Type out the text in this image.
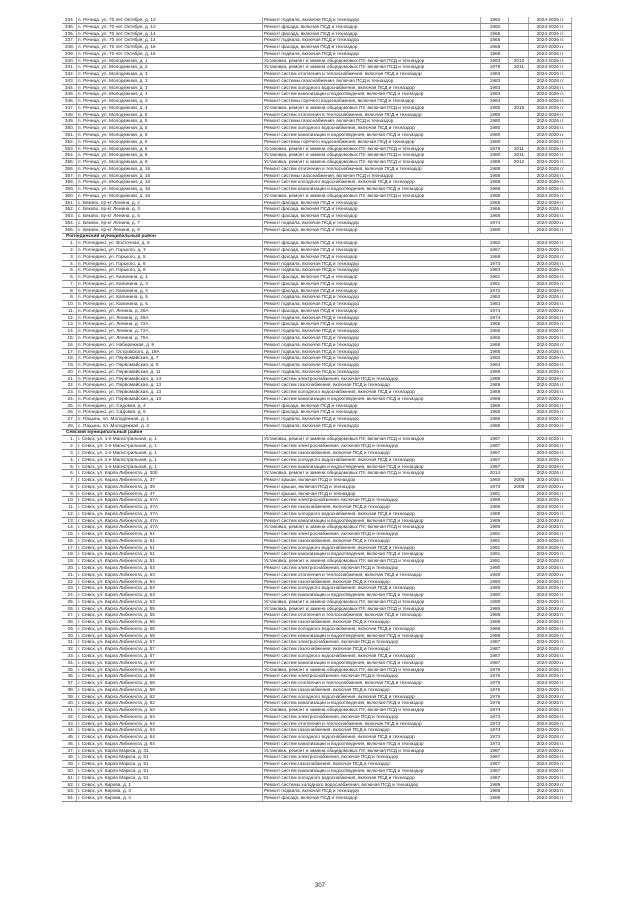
334. п. Речица, ул. 70 лет Октября, д. 12	Ремонт подвала, включая ПСД и техназдор	1960	2024-2026 гг.
335. п. Речица, ул. 70 лет Октября, д. 12	Ремонт фасада, включая ПСД и техназдор	1960	2024-2026 гг.
336. п. Речица, ул. 70 лет Октября, д. 14	Ремонт фасада, включая ПСД и техназдор	1965	2024-2026 гг.
337. п. Речица, ул. 70 лет Октября, д. 14	Ремонт подвала, включая ПСД и техназдор	1965	2024-2026 гг.
338. п. Речица, ул. 70 лет Октября, д. 16	Ремонт фасада, включая ПСД и техназдор	1968	2024-2026 гг.
339. п. Речица, ул. 70 лет Октября, д. 16	Ремонт подвала, включая ПСД и техназдор	1968	2024-2026 гг.
340. п. Речица, ул. Молодежная, д. 1	Установка, ремонт и замена общедомовых ПУ, включая ПСД и техназдор	1983	2012	2024-2026 гг.
341. п. Речица, ул. Молодежная, д. 2	Установка, ремонт и замена общедомовых ПУ, включая ПСД и техназдор	1979	2011	2024-2026 гг.
342. п. Речица, ул. Молодежная, д. 3	Ремонт систем отопления и теплоснабжения, включая ПСД и техназдор	1983	2024-2026 гг.
343. п. Речица, ул. Молодежная, д. 3	Ремонт системы газоснабжения, включая ПСД и техназдор	1983	2024-2026 гг.
344. п. Речица, ул. Молодежная, д. 3	Ремонт систем холодного водоснабжения, включая ПСД и техназдор	1983	2024-2026 гг.
345. п. Речица, ул. Молодежная, д. 3	Ремонт систем канализации и водоотведения, включая ПСД и техназдор	1983	2024-2026 гг.
346. п. Речица, ул. Молодежная, д. 3	Ремонт системы горячего водоснабжения, включая ПСД и техназдор	1983	2024-2026 гг.
347. п. Речица, ул. Молодежная, д. 4	Установка, ремонт и замена общедомовых ПУ, включая ПСД и техназдор	1980	2015	2024-2026 гг.
348. п. Речица, ул. Молодежная, д. 5	Ремонт систем отопления и теплоснабжения, включая ПСД и техназдор	1980	2024-2026 гг.
349. п. Речица, ул. Молодежная, д. 5	Ремонт системы газоснабжения, включая ПСД и техназдор	1980	2024-2026 гг.
350. п. Речица, ул. Молодежная, д. 5	Ремонт систем холодного водоснабжения, включая ПСД и техназдор	1980	2024-2026 гг.
351. п. Речица, ул. Молодежная, д. 5	Ремонт систем канализации и водоотведения, включая ПСД и техназдор	1980	2024-2026 гг.
352. п. Речица, ул. Молодежная, д. 5	Ремонт системы горячего водоснабжения, включая ПСД и техназдор	1980	2024-2026 гг.
353. п. Речица, ул. Молодежная, д. 6	Установка, ремонт и замена общедомовых ПУ, включая ПСД и техназдор	1979	2011	2024-2026 гг.
354. п. Речица, ул. Молодежная, д. 8	Установка, ремонт и замена общедомовых ПУ, включая ПСД и техназдор	1980	2011	2024-2026 гг.
355. п. Речица, ул. Молодежная, д. 9	Установка, ремонт и замена общедомовых ПУ, включая ПСД и техназдор	1989	2012	2024-2026 гг.
356. п. Речица, ул. Молодежная, д. 16	Ремонт систем отопления и теплоснабжения, включая ПСД и техназдор	1988	2024-2026 гг.
357. п. Речица, ул. Молодежная, д. 16	Ремонт системы газоснабжения, включая ПСД и техназдор	1988	2024-2026 гг.
358. п. Речица, ул. Молодежная, д. 16	Ремонт систем холодного водоснабжения, включая ПСД и техназдор	1988	2024-2026 гг.
359. п. Речица, ул. Молодежная, д. 16	Ремонт систем канализации и водоотведения, включая ПСД и техназдор	1988	2024-2026 гг.
360. п. Речица, ул. Молодежная, д. 16	Установка, ремонт и замена общедомовых ПУ, включая ПСД и техназдор	1988	2024-2026 гг.
361. с. Бяково, пр-кт Ленина, д. 2	Ремонт фасада, включая ПСД и техназдор	1965	2024-2026 гг.
362. с. Бяково, пр-кт Ленина, д. 3	Ремонт фасада, включая ПСД и техназдор	1966	2024-2026 гг.
363. с. Бяково, пр-кт Ленина, д. 5	Ремонт фасада, включая ПСД и техназдор	1968	2024-2026 гг.
364. с. Бяково, пр-кт Ленина, д. 7	Ремонт подвала, включая ПСД и техназдор	1974	2024-2026 гг.
365. с. Бяково, пр-кт Ленина, д. 9	Ремонт фасада, включая ПСД и техназдор	1980	2024-2026 гг.
Рогнединский муниципальный район
1. п. Рогнедино, ул. Восточная, д. 9	Ремонт фасада, включая ПСД и техназдор	1982	2024-2026 гг.
2. п. Рогнедино, ул. Горького, д. 3	Ремонт фасада, включая ПСД и техназдор	1967	2024-2026 гг.
3. п. Рогнедино, ул. Горького, д. 5	Ремонт фасада, включая ПСД и техназдор	1968	2024-2026 гг.
4. п. Рогнедино, ул. Горького, д. 6	Ремонт подвала, включая ПСД и техназдор	1973	2024-2026 гг.
5. п. Рогнедино, ул. Горького, д. 8	Ремонт подвала, включая ПСД и техназдор	1983	2024-2026 гг.
6. п. Рогнедино, ул. Калинина, д. 1	Ремонт фасада, включая ПСД и техназдор	1981	2024-2026 гг.
7. п. Рогнедино, ул. Калинина, д. 3	Ремонт фасада, включая ПСД и техназдор	1981	2024-2026 гг.
8. п. Рогнедино, ул. Калинина, д. 4	Ремонт фасада, включая ПСД и техназдор	1972	2024-2026 гг.
9. п. Рогнедино, ул. Калинина, д. 5	Ремонт подвала, включая ПСД и техназдор	1982	2024-2026 гг.
10. п. Рогнедино, ул. Калинина, д. 6	Ремонт подвала, включая ПСД и техназдор	1983	2024-2026 гг.
11. п. Рогнедино, ул. Ленина, д. 26А	Ремонт фасада, включая ПСД и техназдор	1974	2024-2026 гг.
12. п. Рогнедино, ул. Ленина, д. 26А	Ремонт подвала, включая ПСД и техназдор	1974	2024-2026 гг.
13. п. Рогнедино, ул. Ленина, д. 72А	Ремонт фасада, включая ПСД и техназдор	1965	2024-2026 гг.
14. п. Рогнедино, ул. Ленина, д. 72А	Ремонт подвала, включая ПСД и техназдор	1965	2024-2026 гг.
15. п. Рогнедино, ул. Ленина, д. 76А	Ремонт подвала, включая ПСД и техназдор	1966	2024-2026 гг.
16. п. Рогнедино, ул. Набережная, д. 9	Ремонт подвала, включая ПСД и техназдор	1969	2024-2026 гг.
17. п. Рогнедино, ул. Островского, д. 19А	Ремонт подвала, включая ПСД и техназдор	1985	2024-2026 гг.
18. п. Рогнедино, ул. Первомайская, д. 7	Ремонт подвала, включая ПСД и техназдор	1982	2024-2026 гг.
19. п. Рогнедино, ул. Первомайская, д. 9	Ремонт подвала, включая ПСД и техназдор	1983	2024-2026 гг.
20. п. Рогнедино, ул. Первомайская, д. 11	Ремонт подвала, включая ПСД и техназдор	1989	2024-2026 гг.
21. п. Рогнедино, ул. Первомайская, д. 13	Ремонт систем электроснабжения, включая ПСД и техназдор	1989	2024-2026 гг.
22. п. Рогнедино, ул. Первомайская, д. 13	Ремонт систем газоснабжения, включая ПСД и техназдор	1989	2024-2026 гг.
23. п. Рогнедино, ул. Первомайская, д. 13	Ремонт систем холодного водоснабжения, включая ПСД и техназдор	1989	2024-2026 гг.
24. п. Рогнедино, ул. Первомайская, д. 13	Ремонт систем канализации и водоотведения, включая ПСД и техназдор	1989	2024-2026 гг.
25. п. Рогнедино, ул. Садовая, д. 4	Ремонт фасада, включая ПСД и техназдор	1969	2024-2026 гг.
26. п. Рогнедино, ул. Садовая, д. 6	Ремонт фасада, включая ПСД и техназдор	1968	2024-2026 гг.
27. с. Пацынь, пл. Молодежная, д. 1	Ремонт подвала, включая ПСД и техназдор	1986	2024-2026 гг.
28. с. Пацынь, пл. Молодежная, д. 2	Ремонт подвала, включая ПСД и техназдор	1986	2024-2026 гг.
Севский муниципальный район
1. г. Севск, ул. 1-я Магистральная, д. 1	Установка, ремонт и замена общедомовых ПУ, включая ПСД и техназдор	1997	2024-2026 гг.
2. г. Севск, ул. 1-я Магистральная, д. 1	Ремонт систем электроснабжения, включая ПСД и техназдор	1997	2024-2026 гг.
3. г. Севск, ул. 1-я Магистральная, д. 1	Ремонт систем газоснабжения, включая ПСД и техназдор	1997	2024-2026 гг.
4. г. Севск, ул. 1-я Магистральная, д. 1	Ремонт систем холодного водоснабжения, включая ПСД и техназдор	1997	2024-2026 гг.
5. г. Севск, ул. 1-я Магистральная, д. 1	Ремонт систем канализации и водоотведения, включая ПСД и техназдор	1997	2024-2026 гг.
6. г. Севск, ул. Карла Либкнехта, д. 30б	Установка, ремонт и замена общедомовых ПУ, включая ПСД и техназдор	2014	2024-2026 гг.
7. г. Севск, ул. Карла Либкнехта, д. 37	Ремонт крыши, включая ПСД и техназдор	1960	2008	2024-2026 гг.
8. г. Севск, ул. Карла Либкнехта, д. 39	Ремонт крыши, включая ПСД и техназдор	1973	2008	2024-2026 гг.
9. г. Севск, ул. Карла Либкнехта, д. 47	Ремонт крыши, включая ПСД и техназдор	1981	2024-2026 гг.
10. г. Севск, ул. Карла Либкнехта, д. 47А	Ремонт систем электроснабжения, включая ПСД и техназдор	1989	2024-2026 гг.
11. г. Севск, ул. Карла Либкнехта, д. 47А	Ремонт систем газоснабжения, включая ПСД и техназдор	1989	2024-2026 гг.
12. г. Севск, ул. Карла Либкнехта, д. 47А	Ремонт систем холодного водоснабжения, включая ПСД и техназдор	1989	2024-2026 гг.
13. г. Севск, ул. Карла Либкнехта, д. 47А	Ремонт систем канализации и водоотведения, включая ПСД и техназдор	1989	2024-2026 гг.
14. г. Севск, ул. Карла Либкнехта, д. 47А	Установка, ремонт и замена общедомовых ПУ, включая ПСД и техназдор	1989	2024-2026 гг.
15. г. Севск, ул. Карла Либкнехта, д. 51	Ремонт систем электроснабжения, включая ПСД и техназдор	1991	2024-2026 гг.
16. г. Севск, ул. Карла Либкнехта, д. 51	Ремонт систем газоснабжения, включая ПСД и техназдор	1991	2024-2026 гг.
17. г. Севск, ул. Карла Либкнехта, д. 51	Ремонт систем холодного водоснабжения, включая ПСД и техназдор	1991	2024-2026 гг.
18. г. Севск, ул. Карла Либкнехта, д. 51	Ремонт систем канализации и водоотведения, включая ПСД и техназдор	1991	2024-2026 гг.
19. г. Севск, ул. Карла Либкнехта, д. 51	Установка, ремонт и замена общедомовых ПУ, включая ПСД и техназдор	1991	2024-2026 гг.
20. г. Севск, ул. Карла Либкнехта, д. 53	Ремонт систем электроснабжения, включая ПСД и техназдор	1990	2024-2026 гг.
21. г. Севск, ул. Карла Либкнехта, д. 53	Ремонт систем отопления и теплоснабжения, включая ПСД и техназдор	1990	2024-2026 гг.
22. г. Севск, ул. Карла Либкнехта, д. 53	Ремонт систем газоснабжения, включая ПСД и техназдор	1990	2024-2026 гг.
23. г. Севск, ул. Карла Либкнехта, д. 53	Ремонт систем холодного водоснабжения, включая ПСД и техназдор	1990	2024-2026 гг.
24. г. Севск, ул. Карла Либкнехта, д. 53	Ремонт систем канализации и водоотведения, включая ПСД и техназдор	1990	2024-2026 гг.
25. г. Севск, ул. Карла Либкнехта, д. 53	Установка, ремонт и замена общедомовых ПУ, включая ПСД и техназдор	1990	2024-2026 гг.
26. г. Севск, ул. Карла Либкнехта, д. 55	Установка, ремонт и замена общедомовых ПУ, включая ПСД и техназдор	1986	2024-2026 гг.
27. г. Севск, ул. Карла Либкнехта, д. 55	Ремонт систем отопления и теплоснабжения, включая ПСД и техназдор	1988	2024-2026 гг.
28. г. Севск, ул. Карла Либкнехта, д. 55	Ремонт систем газоснабжения, включая ПСД и техназдор	1988	2024-2026 гг.
29. г. Севск, ул. Карла Либкнехта, д. 55	Ремонт систем холодного водоснабжения, включая ПСД и техназдор	1988	2024-2026 гг.
30. г. Севск, ул. Карла Либкнехта, д. 55	Ремонт систем канализации и водоотведения, включая ПСД и техназдор	1988	2024-2026 гг.
31. г. Севск, ул. Карла Либкнехта, д. 57	Ремонт систем электроснабжения, включая ПСД и техназдор	1987	2024-2026 гг.
32. г. Севск, ул. Карла Либкнехта, д. 57	Ремонт систем газоснабжения, включая ПСД и техназдор	1987	2024-2026 гг.
33. г. Севск, ул. Карла Либкнехта, д. 57	Ремонт систем холодного водоснабжения, включая ПСД и техназдор	1987	2024-2026 гг.
34. г. Севск, ул. Карла Либкнехта, д. 57	Ремонт систем канализации и водоотведения, включая ПСД и техназдор	1987	2024-2026 гг.
35. г. Севск, ул. Карла Либкнехта, д. 59	Установка, ремонт и замена общедомовых ПУ, включая ПСД и техназдор	1976	2024-2026 гг.
36. г. Севск, ул. Карла Либкнехта, д. 59	Ремонт систем электроснабжения, включая ПСД и техназдор	1976	2024-2026 гг.
37. г. Севск, ул. Карла Либкнехта, д. 59	Ремонт систем отопления и теплоснабжения, включая ПСД и техназдор	1976	2024-2026 гг.
38. г. Севск, ул. Карла Либкнехта, д. 59	Ремонт систем газоснабжения, включая ПСД и техназдор	1976	2024-2026 гг.
39. г. Севск, ул. Карла Либкнехта, д. 62	Ремонт систем холодного водоснабжения, включая ПСД и техназдор	1976	2024-2026 гг.
40. г. Севск, ул. Карла Либкнехта, д. 62	Ремонт систем канализации и водоотведения, включая ПСД и техназдор	1976	2024-2026 гг.
41. г. Севск, ул. Карла Либкнехта, д. 62	Установка, ремонт и замена общедомовых ПУ, включая ПСД и техназдор	1973	2024-2026 гг.
42. г. Севск, ул. Карла Либкнехта, д. 64	Ремонт систем электроснабжения, включая ПСД и техназдор	1973	2024-2026 гг.
43. г. Севск, ул. Карла Либкнехта, д. 64	Ремонт систем отопления и теплоснабжения, включая ПСД и техназдор	1973	2024-2026 гг.
44. г. Севск, ул. Карла Либкнехта, д. 64	Ремонт систем газоснабжения, включая ПСД и техназдор	1973	2024-2026 гг.
45. г. Севск, ул. Карла Либкнехта, д. 64	Ремонт систем холодного водоснабжения, включая ПСД и техназдор	1973	2024-2026 гг.
46. г. Севск, ул. Карла Либкнехта, д. 64	Ремонт систем канализации и водоотведения, включая ПСД и техназдор	1973	2024-2026 гг.
47. г. Севск, ул. Карла Маркса, д. 31	Установка, ремонт и замена общедомовых ПУ, включая ПСД и техназдор	1987	2024-2026 гг.
48. г. Севск, ул. Карла Маркса, д. 51	Ремонт систем электроснабжения, включая ПСД и техназдор	1987	2024-2026 гг.
49. г. Севск, ул. Карла Маркса, д. 51	Ремонт систем газоснабжения, включая ПСД и техназдор	1987	2024-2026 гг.
50. г. Севск, ул. Карла Маркса, д. 51	Ремонт систем канализации и водоотведения, включая ПСД и техназдор	1987	2024-2026 гг.
51. г. Севск, ул. Карла Маркса, д. 51	Ремонт систем холодного водоснабжения, включая ПСД и техназдор	1987	2024-2026 гг.
52. г. Севск, ул. Кирова, д. 1	Ремонт системы холодного водоснабжения, включая ПСД и техназдор	1989	2024-2026 гг.
53. г. Севск, ул. Кирова, д. 3	Ремонт подвала, включая ПСД и техназдор	1988	2024-2026 гг.
54. г. Севск, ул. Кирова, д. 3	Ремонт фасада, включая ПСД и техназдор	1988	2024-2026 гг.
307
